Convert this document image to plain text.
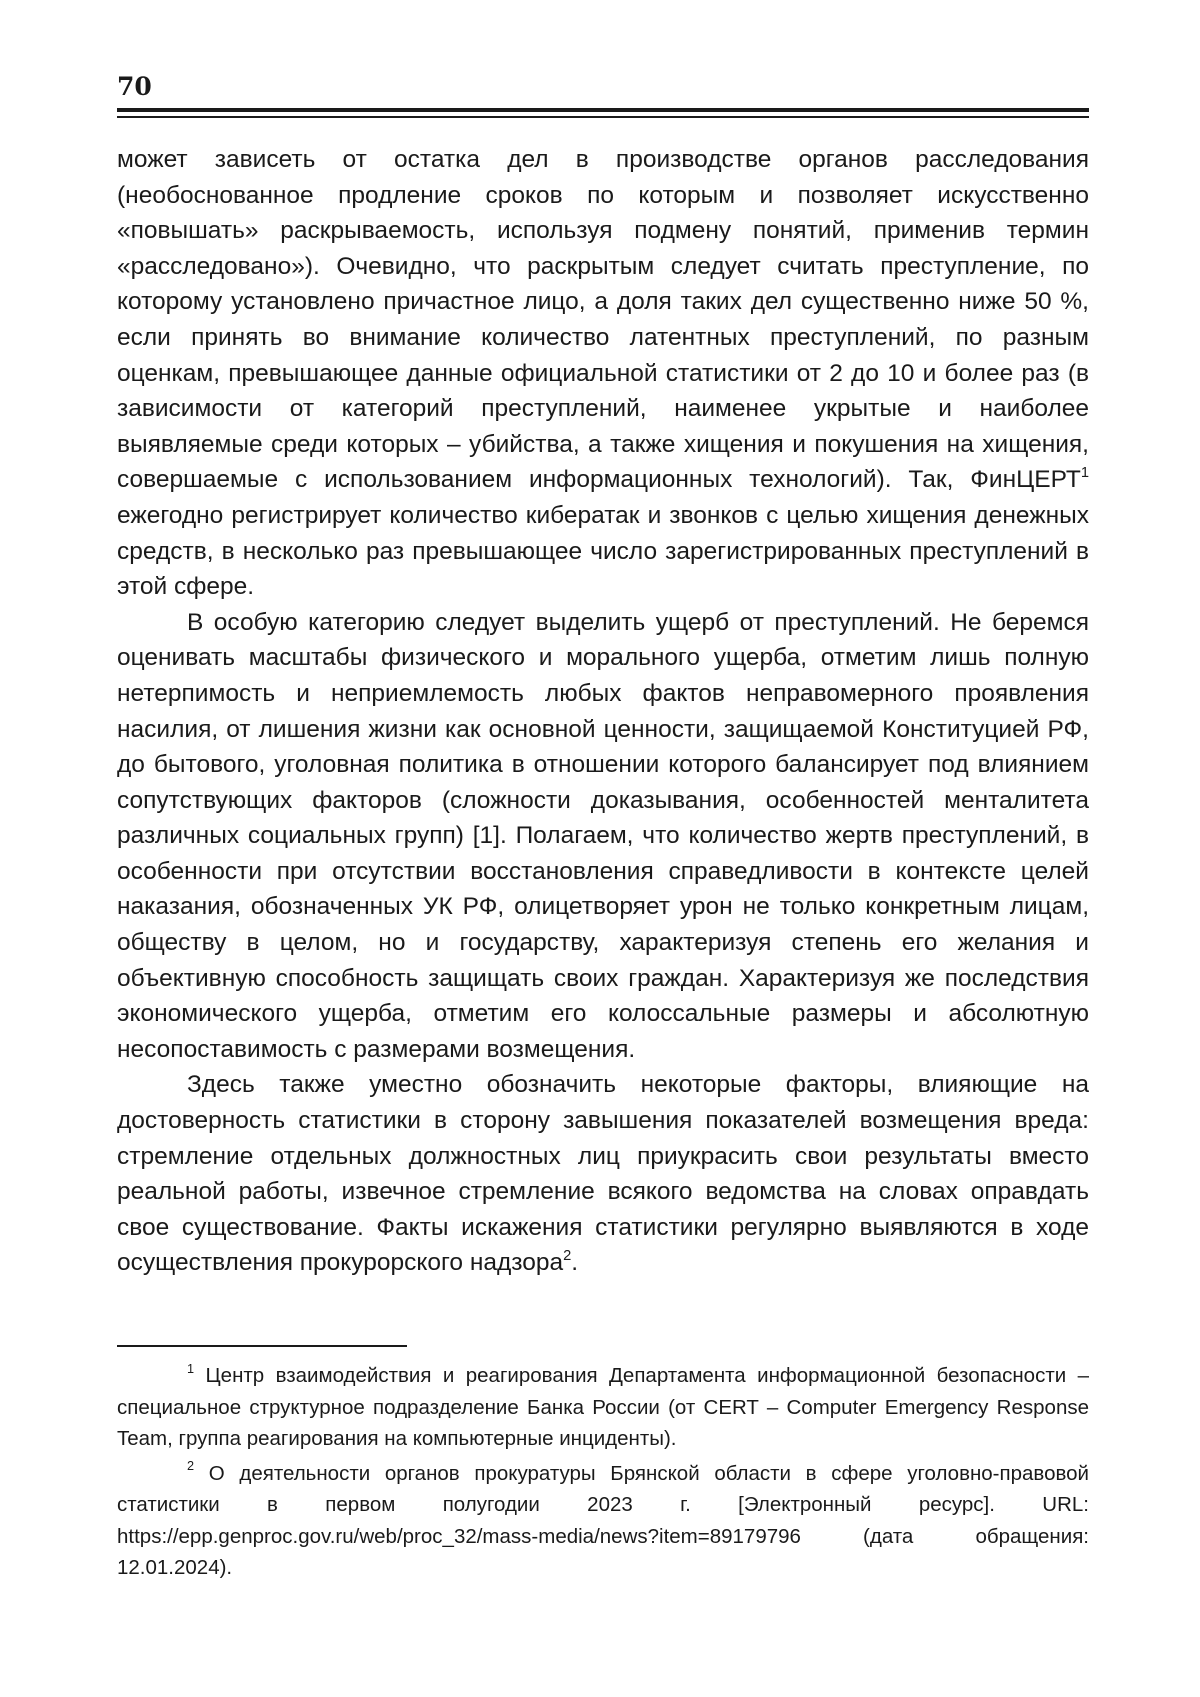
70

может зависеть от остатка дел в производстве органов расследования (необоснованное продление сроков по которым и позволяет искусственно «повышать» раскрываемость, используя подмену понятий, применив термин «расследовано»). Очевидно, что раскрытым следует считать преступление, по которому установлено причастное лицо, а доля таких дел существенно ниже 50 %, если принять во внимание количество латентных преступлений, по разным оценкам, превышающее данные официальной статистики от 2 до 10 и более раз (в зависимости от категорий преступлений, наименее укрытые и наиболее выявляемые среди которых – убийства, а также хищения и покушения на хищения, совершаемые с использованием информационных технологий). Так, ФинЦЕРТ$^1$ ежегодно регистрирует количество кибератак и звонков с целью хищения денежных средств, в несколько раз превышающее число зарегистрированных преступлений в этой сфере.

В особую категорию следует выделить ущерб от преступлений. Не беремся оценивать масштабы физического и морального ущерба, отметим лишь полную нетерпимость и неприемлемость любых фактов неправомерного проявления насилия, от лишения жизни как основной ценности, защищаемой Конституцией РФ, до бытового, уголовная политика в отношении которого балансирует под влиянием сопутствующих факторов (сложности доказывания, особенностей менталитета различных социальных групп) [1]. Полагаем, что количество жертв преступлений, в особенности при отсутствии восстановления справедливости в контексте целей наказания, обозначенных УК РФ, олицетворяет урон не только конкретным лицам, обществу в целом, но и государству, характеризуя степень его желания и объективную способность защищать своих граждан. Характеризуя же последствия экономического ущерба, отметим его колоссальные размеры и абсолютную несопоставимость с размерами возмещения.

Здесь также уместно обозначить некоторые факторы, влияющие на достоверность статистики в сторону завышения показателей возмещения вреда: стремление отдельных должностных лиц приукрасить свои результаты вместо реальной работы, извечное стремление всякого ведомства на словах оправдать свое существование. Факты искажения статистики регулярно выявляются в ходе осуществления прокурорского надзора$^2$.

$^1$ Центр взаимодействия и реагирования Департамента информационной безопасности – специальное структурное подразделение Банка России (от CERT – Computer Emergency Response Team, группа реагирования на компьютерные инциденты).

$^2$ О деятельности органов прокуратуры Брянской области в сфере уголовно-правовой статистики в первом полугодии 2023 г. [Электронный ресурс]. URL: https://epp.genproc.gov.ru/web/proc_32/mass-media/news?item=89179796 (дата обращения: 12.01.2024).
